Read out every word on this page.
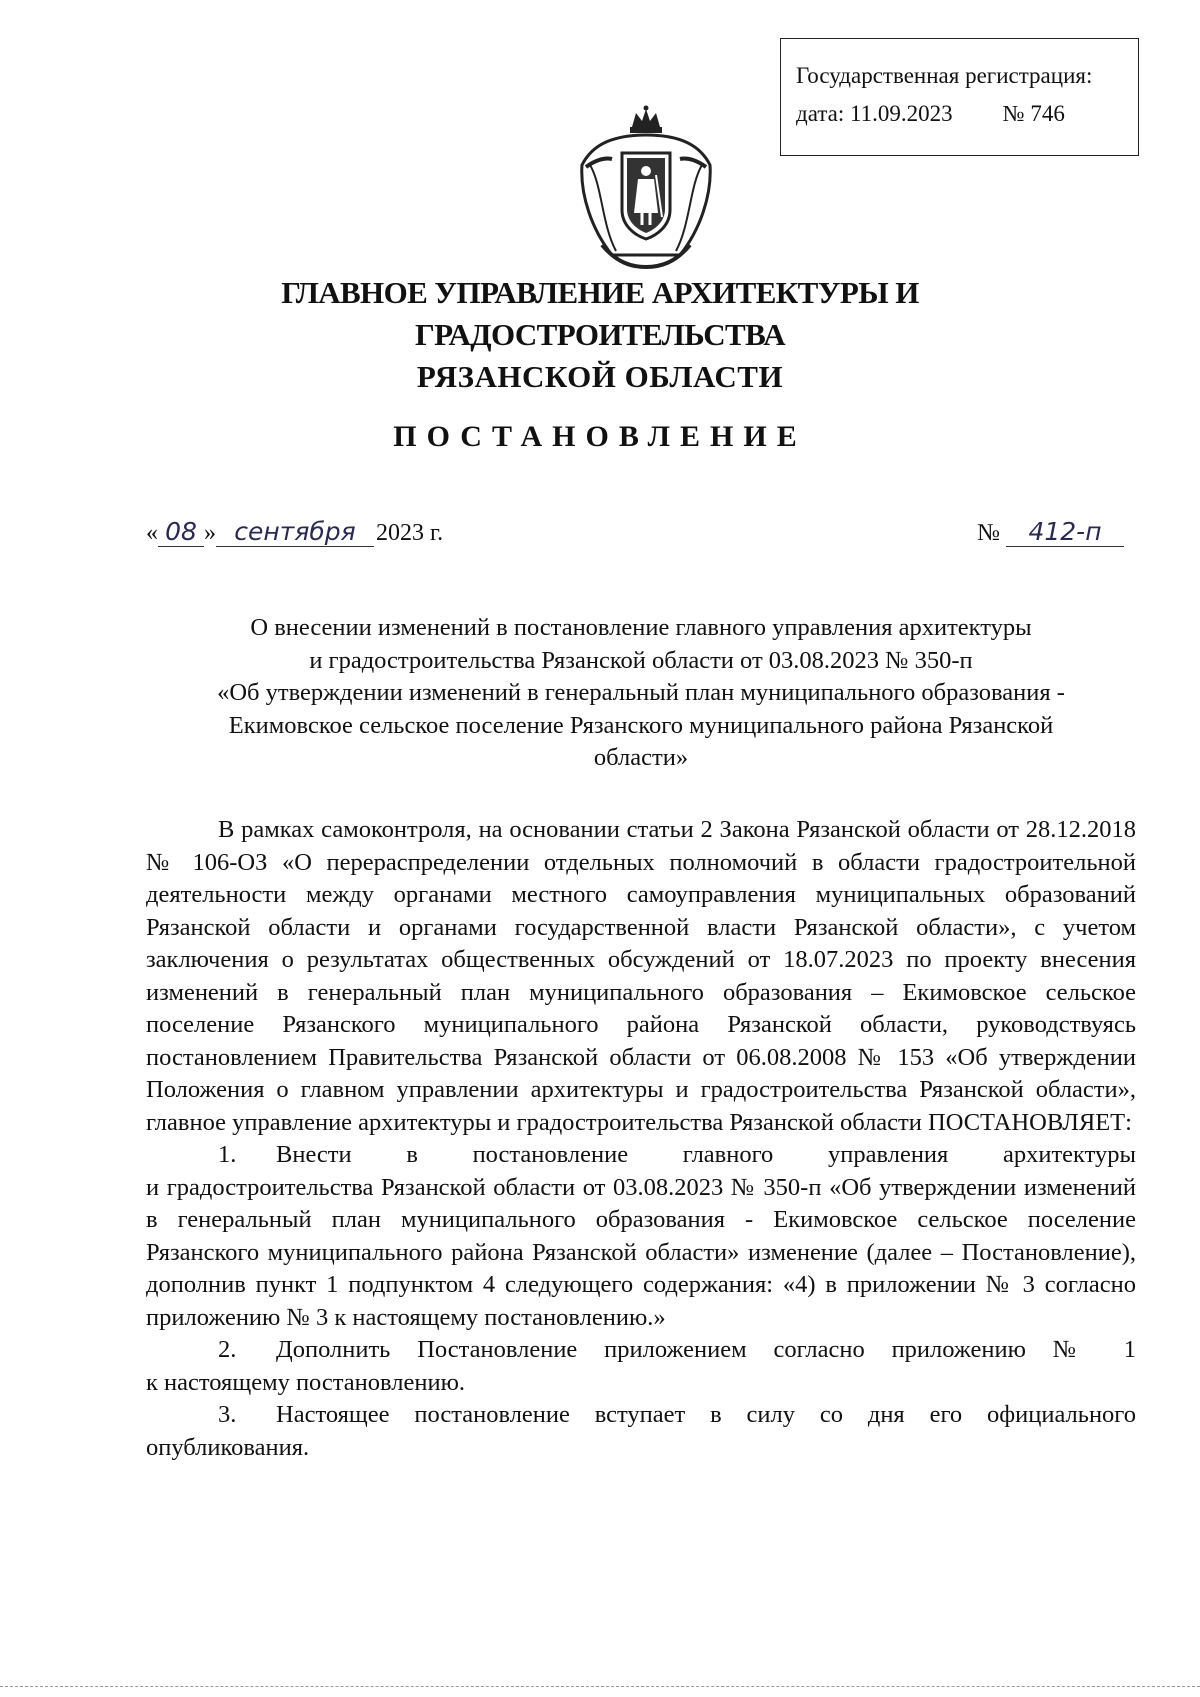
Государственная регистрация:
дата: 11.09.2023 № 746
ГЛАВНОЕ УПРАВЛЕНИЕ АРХИТЕКТУРЫ И ГРАДОСТРОИТЕЛЬСТВА
РЯЗАНСКОЙ ОБЛАСТИ
ПОСТАНОВЛЕНИЕ
« 08 » сентября 2023 г.	№ 412-п
О внесении изменений в постановление главного управления архитектуры
и градостроительства Рязанской области от 03.08.2023 № 350-п
«Об утверждении изменений в генеральный план муниципального образования -
Екимовское сельское поселение Рязанского муниципального района Рязанской
области»

В рамках самоконтроля, на основании статьи 2 Закона Рязанской области от 28.12.2018 № 106-ОЗ «О перераспределении отдельных полномочий в области градостроительной деятельности между органами местного самоуправления муниципальных образований Рязанской области и органами государственной власти Рязанской области», с учетом заключения о результатах общественных обсуждений от 18.07.2023 по проекту внесения изменений в генеральный план муниципального образования – Екимовское сельское поселение Рязанского муниципального района Рязанской области, руководствуясь постановлением Правительства Рязанской области от 06.08.2008 № 153 «Об утверждении Положения о главном управлении архитектуры и градостроительства Рязанской области», главное управление архитектуры и градостроительства Рязанской области ПОСТАНОВЛЯЕТ:

1.	Внести в постановление главного управления архитектуры

и градостроительства Рязанской области от 03.08.2023 № 350-п «Об утверждении изменений в генеральный план муниципального образования - Екимовское сельское поселение Рязанского муниципального района Рязанской области» изменение (далее – Постановление), дополнив пункт 1 подпунктом 4 следующего содержания: «4) в приложении № 3 согласно приложению № 3 к настоящему постановлению.»

2.	Дополнить Постановление приложением согласно приложению № 1

к настоящему постановлению.

3.	Настоящее постановление вступает в силу со дня его официального

опубликования.
